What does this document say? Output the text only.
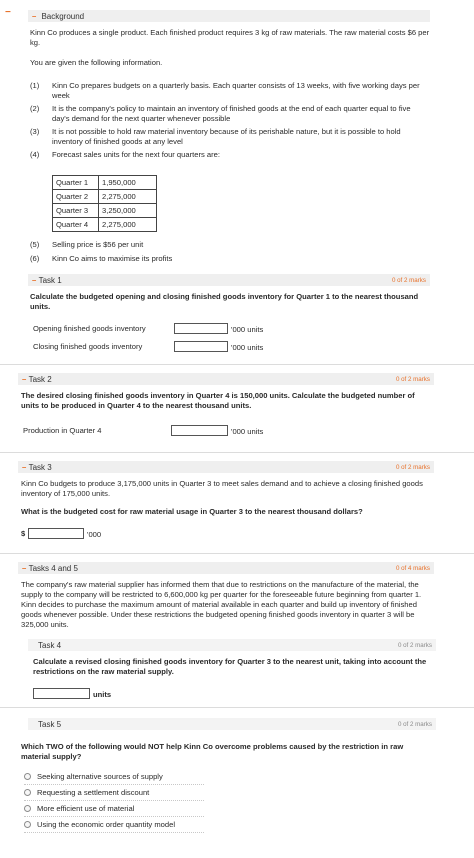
−	− Background
Kinn Co produces a single product. Each finished product requires 3 kg of raw materials. The raw material costs $6 per kg.
You are given the following information.
(1)	Kinn Co prepares budgets on a quarterly basis. Each quarter consists of 13 weeks, with five working days per week
(2)	It is the company's policy to maintain an inventory of finished goods at the end of each quarter equal to five day's demand for the next quarter whenever possible
(3)	It is not possible to hold raw material inventory because of its perishable nature, but it is possible to hold inventory of finished goods at any level
(4)	Forecast sales units for the next four quarters are:
Quarter 1	1,950,000
Quarter 2	2,275,000
Quarter 3	3,250,000
Quarter 4	2,275,000
(5)	Selling price is $56 per unit
(6)	Kinn Co aims to maximise its profits
− Task 1	0 of 2 marks
Calculate the budgeted opening and closing finished goods inventory for Quarter 1 to the nearest thousand units.
Opening finished goods inventory	'000 units
Closing finished goods inventory	'000 units
− Task 2	0 of 2 marks
The desired closing finished goods inventory in Quarter 4 is 150,000 units. Calculate the budgeted number of units to be produced in Quarter 4 to the nearest thousand units.
Production in Quarter 4	'000 units
− Task 3	0 of 2 marks
Kinn Co budgets to produce 3,175,000 units in Quarter 3 to meet sales demand and to achieve a closing finished goods inventory of 175,000 units.
What is the budgeted cost for raw material usage in Quarter 3 to the nearest thousand dollars?
$	'000
− Tasks 4 and 5	0 of 4 marks
The company's raw material supplier has informed them that due to restrictions on the manufacture of the material, the supply to the company will be restricted to 6,600,000 kg per quarter for the foreseeable future beginning from quarter 1. Kinn decides to purchase the maximum amount of material available in each quarter and build up inventory of finished goods whenever possible. Under these restrictions the budgeted opening finished goods inventory in quarter 3 will be 325,000 units.
Task 4	0 of 2 marks
Calculate a revised closing finished goods inventory for Quarter 3 to the nearest unit, taking into account the restrictions on the raw material supply.
units
Task 5	0 of 2 marks
Which TWO of the following would NOT help Kinn Co overcome problems caused by the restriction in raw material supply?
Seeking alternative sources of supply
Requesting a settlement discount
More efficient use of material
Using the economic order quantity model
